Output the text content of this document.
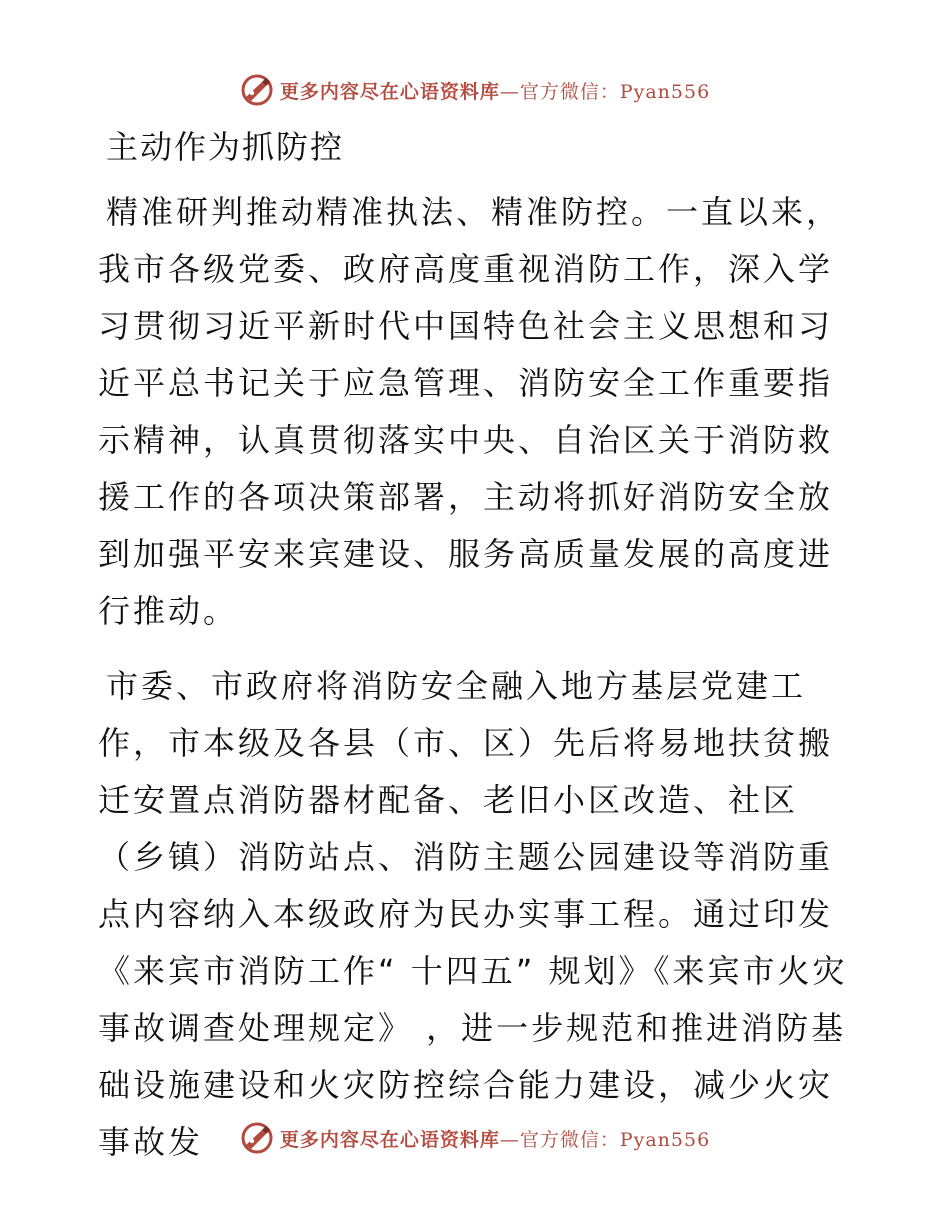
更多内容尽在心语资料库—官方微信：Pyan556
主动作为抓防控

精准研判推动精准执法、精准防控。一直以来，我市各级党委、政府高度重视消防工作，深入学习贯彻习近平新时代中国特色社会主义思想和习近平总书记关于应急管理、消防安全工作重要指示精神，认真贯彻落实中央、自治区关于消防救援工作的各项决策部署，主动将抓好消防安全放到加强平安来宾建设、服务高质量发展的高度进行推动。

市委、市政府将消防安全融入地方基层党建工作，市本级及各县（市、区）先后将易地扶贫搬迁安置点消防器材配备、老旧小区改造、社区（乡镇）消防站点、消防主题公园建设等消防重点内容纳入本级政府为民办实事工程。通过印发《来宾市消防工作“ 十四五” 规划》《来宾市火灾事故调查处理规定》 ，进一步规范和推进消防基础设施建设和火灾防控综合能力建设，减少火灾事故发	更多内容尽在心语资料库—官方微信：Pyan556
